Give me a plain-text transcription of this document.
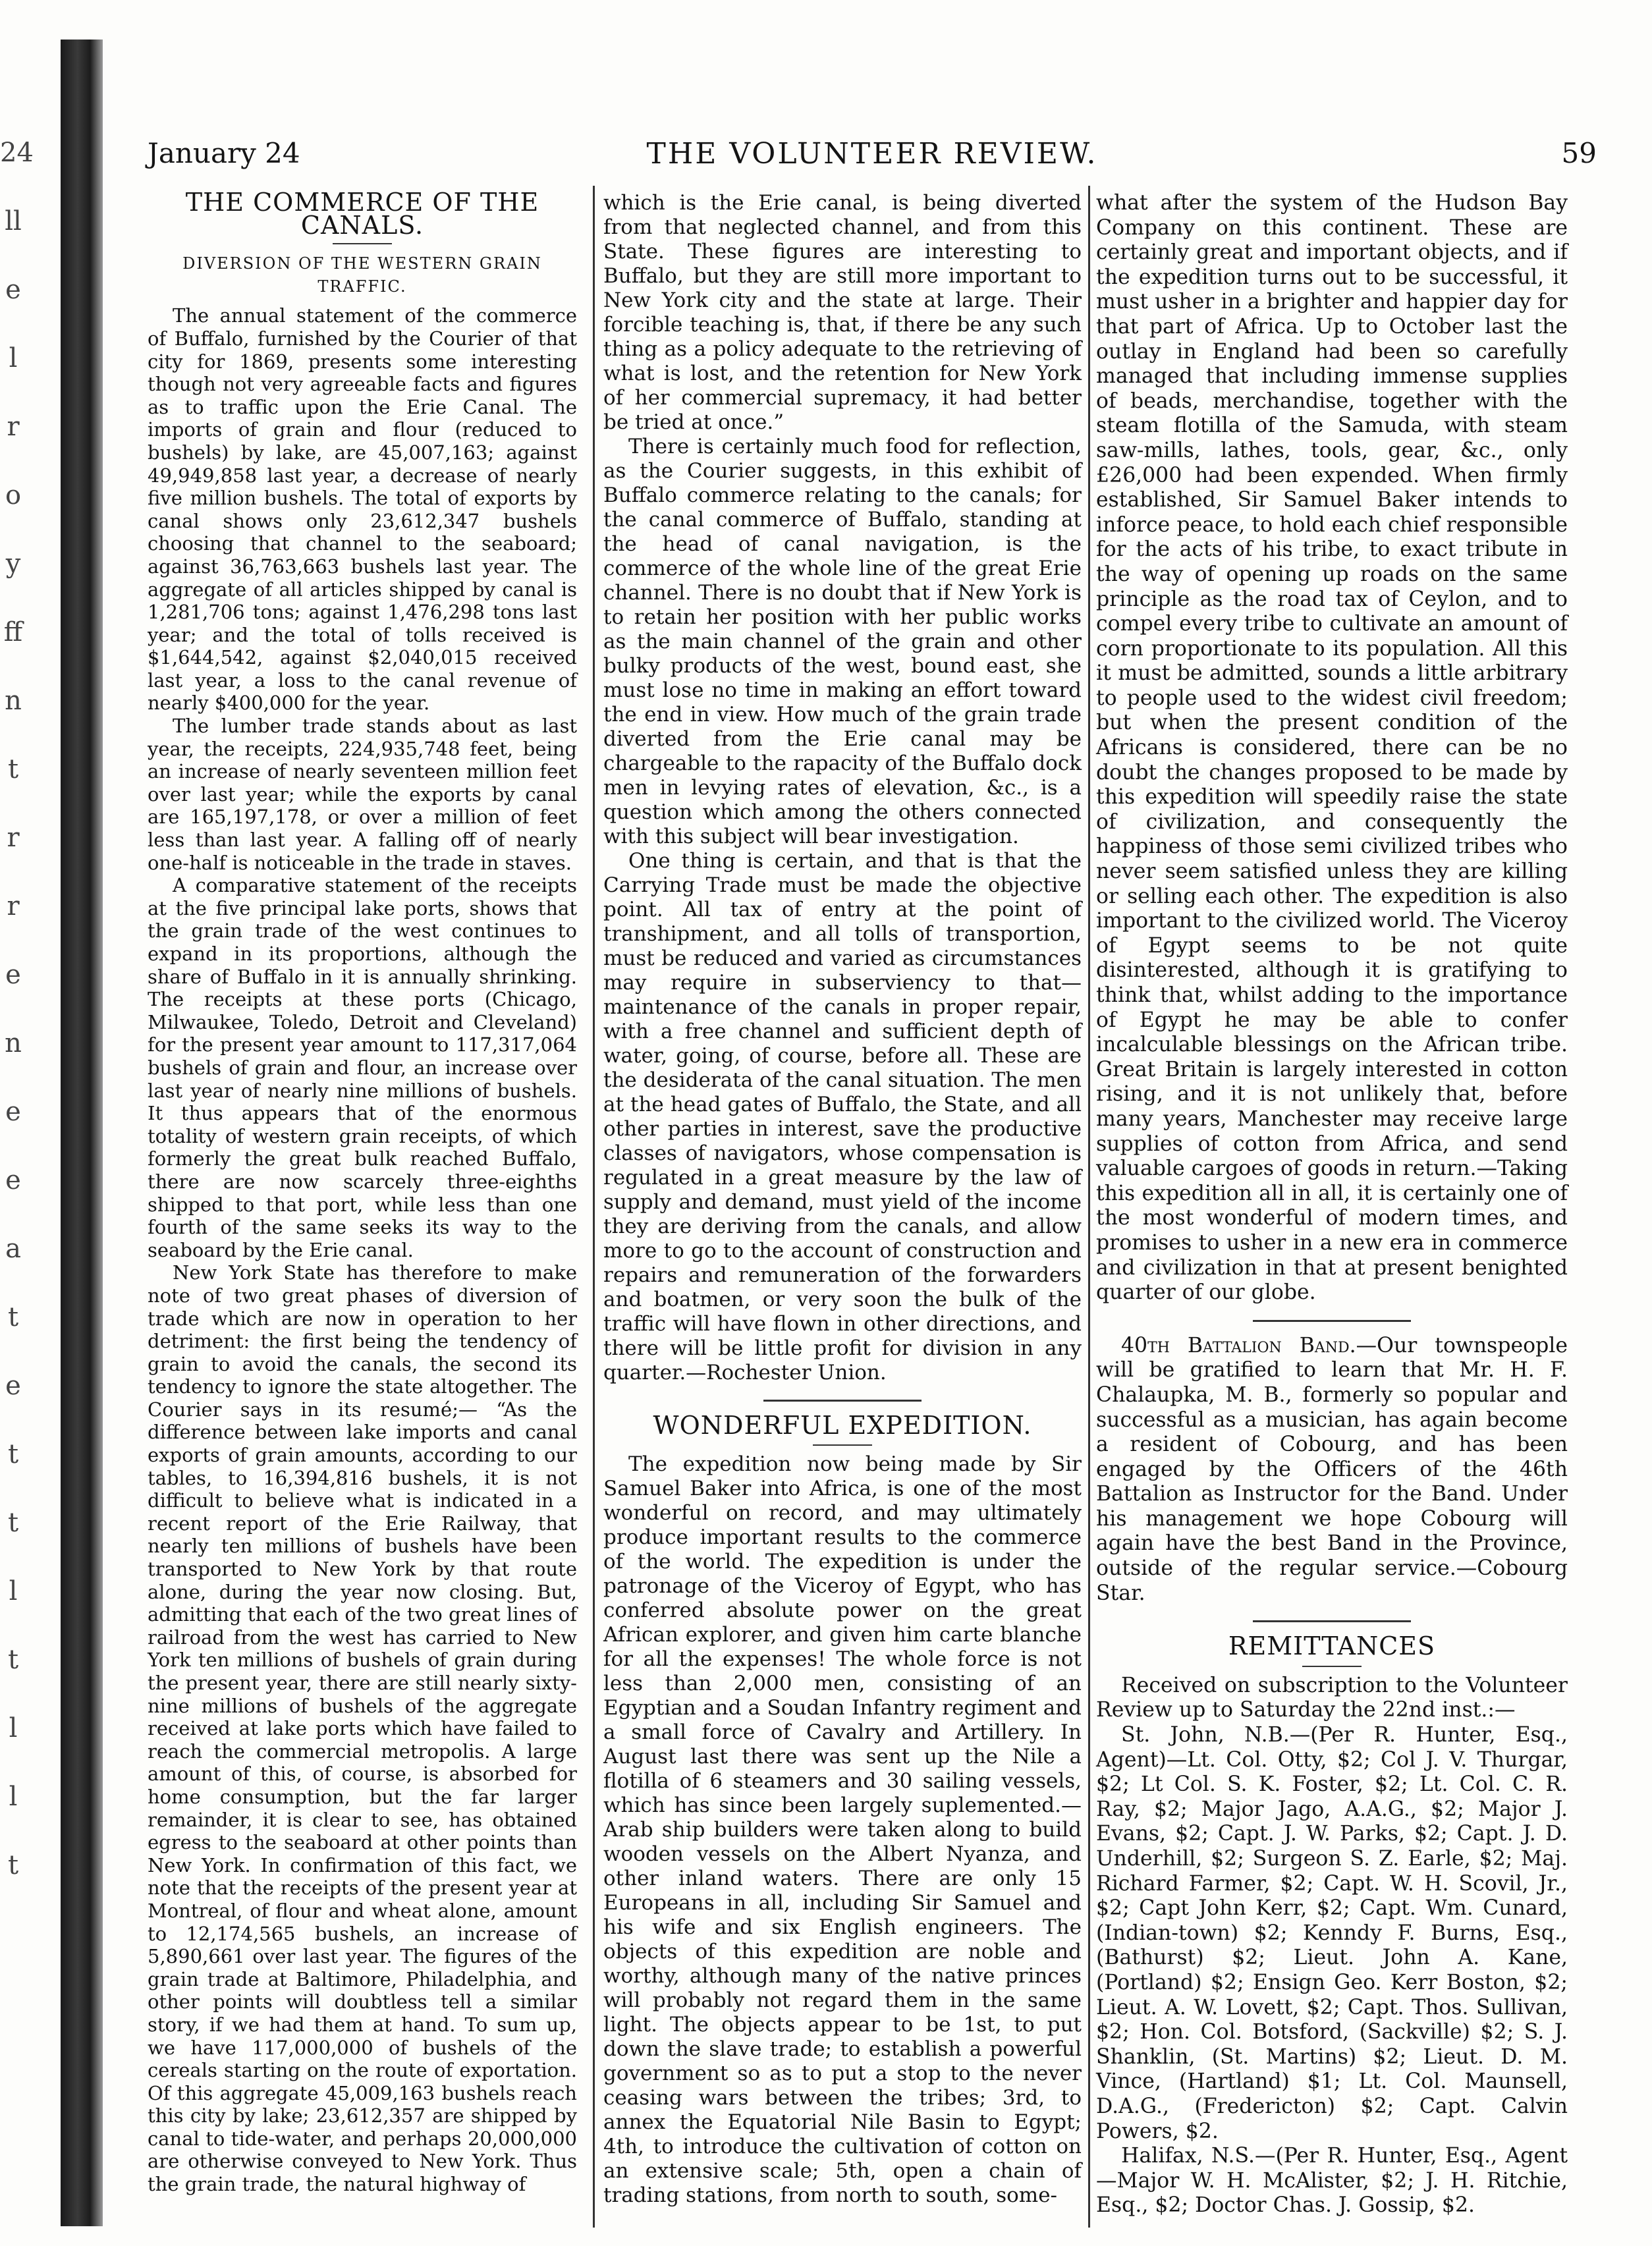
24
ll
e
l
r
o
y
ff
n
t
r
r
e
n
e
e
a
t
e
t
t
l
t
l
l
t
January 24	THE VOLUNTEER REVIEW.	59
THE COMMERCE OF THE CANALS.
DIVERSION OF THE WESTERN GRAIN TRAFFIC.

The annual statement of the commerce of Buffalo, furnished by the Courier of that city for 1869, presents some interesting though not very agreeable facts and figures as to traffic upon the Erie Canal. The imports of grain and flour (reduced to bushels) by lake, are 45,007,163; against 49,949,858 last year, a decrease of nearly five million bushels. The total of exports by canal shows only 23,612,347 bushels choosing that channel to the seaboard; against 36,763,663 bushels last year. The aggregate of all articles shipped by canal is 1,281,706 tons; against 1,476,298 tons last year; and the total of tolls received is $1,644,542, against $2,040,015 received last year, a loss to the canal revenue of nearly $400,000 for the year.

The lumber trade stands about as last year, the receipts, 224,935,748 feet, being an increase of nearly seventeen million feet over last year; while the exports by canal are 165,197,178, or over a million of feet less than last year. A falling off of nearly one-half is noticeable in the trade in staves.

A comparative statement of the receipts at the five principal lake ports, shows that the grain trade of the west continues to expand in its proportions, although the share of Buffalo in it is annually shrinking. The receipts at these ports (Chicago, Milwaukee, Toledo, Detroit and Cleveland) for the present year amount to 117,317,064 bushels of grain and flour, an increase over last year of nearly nine millions of bushels. It thus appears that of the enormous totality of western grain receipts, of which formerly the great bulk reached Buffalo, there are now scarcely three-eighths shipped to that port, while less than one fourth of the same seeks its way to the seaboard by the Erie canal.

New York State has therefore to make note of two great phases of diversion of trade which are now in operation to her detriment: the first being the tendency of grain to avoid the canals, the second its tendency to ignore the state altogether. The Courier says in its resumé;— “As the difference between lake imports and canal exports of grain amounts, according to our tables, to 16,394,816 bushels, it is not difficult to believe what is indicated in a recent report of the Erie Railway, that nearly ten millions of bushels have been transported to New York by that route alone, during the year now closing. But, admitting that each of the two great lines of railroad from the west has carried to New York ten millions of bushels of grain during the present year, there are still nearly sixty-nine millions of bushels of the aggregate received at lake ports which have failed to reach the commercial metropolis. A large amount of this, of course, is absorbed for home consumption, but the far larger remainder, it is clear to see, has obtained egress to the seaboard at other points than New York. In confirmation of this fact, we note that the receipts of the present year at Montreal, of flour and wheat alone, amount to 12,174,565 bushels, an increase of 5,890,661 over last year. The figures of the grain trade at Baltimore, Philadelphia, and other points will doubtless tell a similar story, if we had them at hand. To sum up, we have 117,000,000 of bushels of the cereals starting on the route of exportation. Of this aggregate 45,009,163 bushels reach this city by lake; 23,612,357 are shipped by canal to tide-water, and perhaps 20,000,000 are otherwise conveyed to New York. Thus the grain trade, the natural highway of

which is the Erie canal, is being diverted from that neglected channel, and from this State. These figures are interesting to Buffalo, but they are still more important to New York city and the state at large. Their forcible teaching is, that, if there be any such thing as a policy adequate to the retrieving of what is lost, and the retention for New York of her commercial supremacy, it had better be tried at once.”

There is certainly much food for reflection, as the Courier suggests, in this exhibit of Buffalo commerce relating to the canals; for the canal commerce of Buffalo, standing at the head of canal navigation, is the commerce of the whole line of the great Erie channel. There is no doubt that if New York is to retain her position with her public works as the main channel of the grain and other bulky products of the west, bound east, she must lose no time in making an effort toward the end in view. How much of the grain trade diverted from the Erie canal may be chargeable to the rapacity of the Buffalo dock men in levying rates of elevation, &c., is a question which among the others connected with this subject will bear investigation.

One thing is certain, and that is that the Carrying Trade must be made the objective point. All tax of entry at the point of transhipment, and all tolls of transportion, must be reduced and varied as circumstances may require in subserviency to that—maintenance of the canals in proper repair, with a free channel and sufficient depth of water, going, of course, before all. These are the desiderata of the canal situation. The men at the head gates of Buffalo, the State, and all other parties in interest, save the productive classes of navigators, whose compensation is regulated in a great measure by the law of supply and demand, must yield of the income they are deriving from the canals, and allow more to go to the account of construction and repairs and remuneration of the forwarders and boatmen, or very soon the bulk of the traffic will have flown in other directions, and there will be little profit for division in any quarter.—Rochester Union.

WONDERFUL EXPEDITION.

The expedition now being made by Sir Samuel Baker into Africa, is one of the most wonderful on record, and may ultimately produce important results to the commerce of the world. The expedition is under the patronage of the Viceroy of Egypt, who has conferred absolute power on the great African explorer, and given him carte blanche for all the expenses! The whole force is not less than 2,000 men, consisting of an Egyptian and a Soudan Infantry regiment and a small force of Cavalry and Artillery. In August last there was sent up the Nile a flotilla of 6 steamers and 30 sailing vessels, which has since been largely suplemented.—Arab ship builders were taken along to build wooden vessels on the Albert Nyanza, and other inland waters. There are only 15 Europeans in all, including Sir Samuel and his wife and six English engineers. The objects of this expedition are noble and worthy, although many of the native princes will probably not regard them in the same light. The objects appear to be 1st, to put down the slave trade; to establish a powerful government so as to put a stop to the never ceasing wars between the tribes; 3rd, to annex the Equatorial Nile Basin to Egypt; 4th, to introduce the cultivation of cotton on an extensive scale; 5th, open a chain of trading stations, from north to south, some-

what after the system of the Hudson Bay Company on this continent. These are certainly great and important objects, and if the expedition turns out to be successful, it must usher in a brighter and happier day for that part of Africa. Up to October last the outlay in England had been so carefully managed that including immense supplies of beads, merchandise, together with the steam flotilla of the Samuda, with steam saw-mills, lathes, tools, gear, &c., only £26,000 had been expended. When firmly established, Sir Samuel Baker intends to inforce peace, to hold each chief responsible for the acts of his tribe, to exact tribute in the way of opening up roads on the same principle as the road tax of Ceylon, and to compel every tribe to cultivate an amount of corn proportionate to its population. All this it must be admitted, sounds a little arbitrary to people used to the widest civil freedom; but when the present condition of the Africans is considered, there can be no doubt the changes proposed to be made by this expedition will speedily raise the state of civilization, and consequently the happiness of those semi civilized tribes who never seem satisfied unless they are killing or selling each other. The expedition is also important to the civilized world. The Viceroy of Egypt seems to be not quite disinterested, although it is gratifying to think that, whilst adding to the importance of Egypt he may be able to confer incalculable blessings on the African tribe. Great Britain is largely interested in cotton rising, and it is not unlikely that, before many years, Manchester may receive large supplies of cotton from Africa, and send valuable cargoes of goods in return.—Taking this expedition all in all, it is certainly one of the most wonderful of modern times, and promises to usher in a new era in commerce and civilization in that at present benighted quarter of our globe.

40th Battalion Band.—Our townspeople will be gratified to learn that Mr. H. F. Chalaupka, M. B., formerly so popular and successful as a musician, has again become a resident of Cobourg, and has been engaged by the Officers of the 46th Battalion as Instructor for the Band. Under his management we hope Cobourg will again have the best Band in the Province, outside of the regular service.—Cobourg Star.

REMITTANCES

Received on subscription to the Volunteer Review up to Saturday the 22nd inst.:—

St. John, N.B.—(Per R. Hunter, Esq., Agent)—Lt. Col. Otty, $2; Col J. V. Thurgar, $2; Lt Col. S. K. Foster, $2; Lt. Col. C. R. Ray, $2; Major Jago, A.A.G., $2; Major J. Evans, $2; Capt. J. W. Parks, $2; Capt. J. D. Underhill, $2; Surgeon S. Z. Earle, $2; Maj. Richard Farmer, $2; Capt. W. H. Scovil, Jr., $2; Capt John Kerr, $2; Capt. Wm. Cunard, (Indian-town) $2; Kenndy F. Burns, Esq., (Bathurst) $2; Lieut. John A. Kane, (Portland) $2; Ensign Geo. Kerr Boston, $2; Lieut. A. W. Lovett, $2; Capt. Thos. Sullivan, $2; Hon. Col. Botsford, (Sackville) $2; S. J. Shanklin, (St. Martins) $2; Lieut. D. M. Vince, (Hartland) $1; Lt. Col. Maunsell, D.A.G., (Fredericton) $2; Capt. Calvin Powers, $2.

Halifax, N.S.—(Per R. Hunter, Esq., Agent—Major W. H. McAlister, $2; J. H. Ritchie, Esq., $2; Doctor Chas. J. Gossip, $2.
